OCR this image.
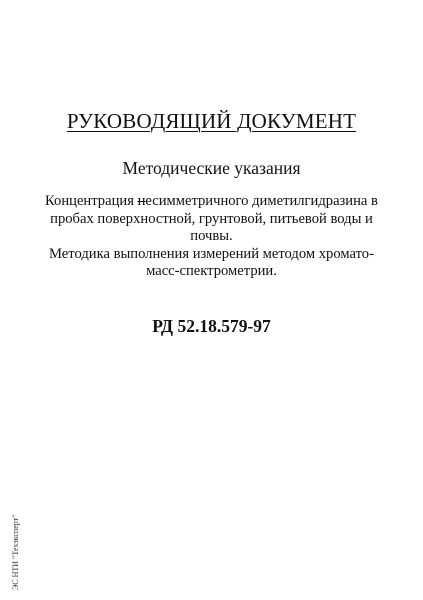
РУКОВОДЯЩИЙ ДОКУМЕНТ
Методические указания
Концентрация несимметричного диметилгидразина в
пробах поверхностной, грунтовой, питьевой воды и
почвы.
Методика выполнения измерений методом хромато-
масс-спектрометрии.
РД 52.18.579-97
ЭС НТИ "Техэксперт"
